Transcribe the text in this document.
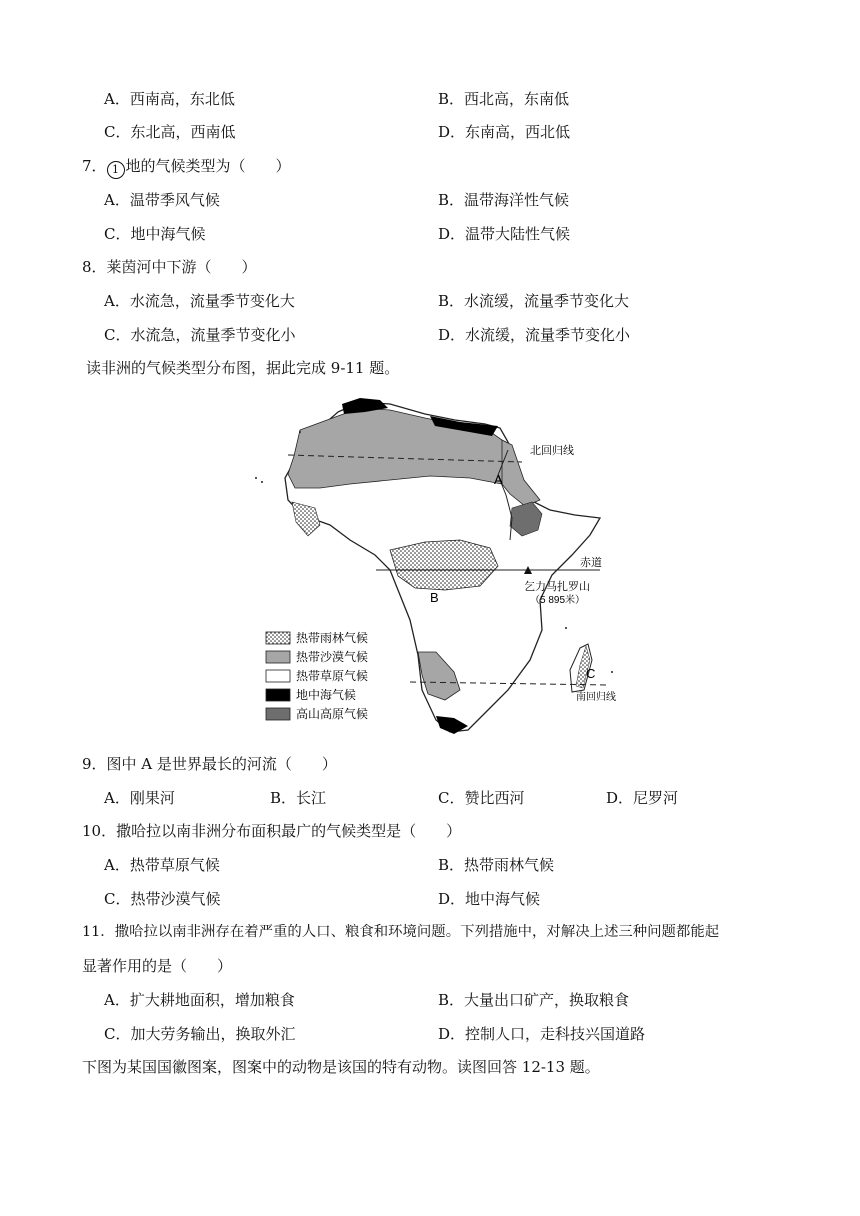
A．西南高，东北低	B．西北高，东南低
C．东北高，西南低	D．东南高，西北低
7． 1 地的气候类型为（　　）
A．温带季风气候	B．温带海洋性气候
C．地中海气候	D．温带大陆性气候
8．莱茵河中下游（　　）
A．水流急，流量季节变化大	B．水流缓，流量季节变化大
C．水流急，流量季节变化小	D．水流缓，流量季节变化小
读非洲的气候类型分布图，据此完成 9-11 题。
北回归线
A
赤道
乞力马扎罗山
（5 895米）
B
C
南回归线
热带雨林气候
热带沙漠气候
热带草原气候
地中海气候
高山高原气候
9．图中 A 是世界最长的河流（　　）
A．刚果河	B．长江	C．赞比西河	D．尼罗河
10．撒哈拉以南非洲分布面积最广的气候类型是（　　）
A．热带草原气候	B．热带雨林气候
C．热带沙漠气候	D．地中海气候
11．撒哈拉以南非洲存在着严重的人口、粮食和环境问题。下列措施中，对解决上述三种问题都能起
显著作用的是（　　）
A．扩大耕地面积，增加粮食	B．大量出口矿产，换取粮食
C．加大劳务输出，换取外汇	D．控制人口，走科技兴国道路
下图为某国国徽图案，图案中的动物是该国的特有动物。读图回答 12-13 题。
